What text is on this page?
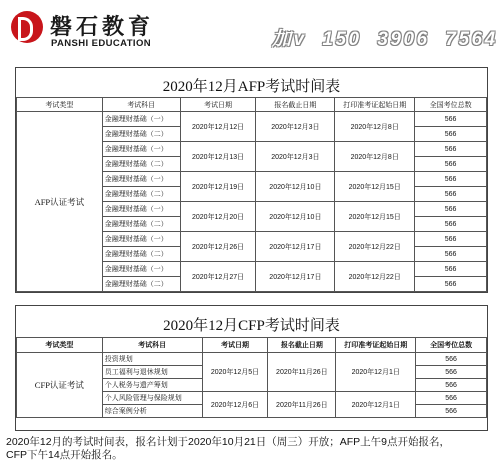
磐石教育
PANSHI EDUCATION	加v 150 3906 7564
2020年12月AFP考试时间表
考试类型	考试科目	考试日期	报名截止日期	打印准考证起始日期	全国考位总数
AFP认证考试	金融理财基础（一）	2020年12月12日	2020年12月3日	2020年12月8日	566
	金融理财基础（二）				566
	金融理财基础（一）	2020年12月13日	2020年12月3日	2020年12月8日	566
	金融理财基础（二）				566
	金融理财基础（一）	2020年12月19日	2020年12月10日	2020年12月15日	566
	金融理财基础（二）				566
	金融理财基础（一）	2020年12月20日	2020年12月10日	2020年12月15日	566
	金融理财基础（二）				566
	金融理财基础（一）	2020年12月26日	2020年12月17日	2020年12月22日	566
	金融理财基础（二）				566
	金融理财基础（一）	2020年12月27日	2020年12月17日	2020年12月22日	566
	金融理财基础（二）				566
2020年12月CFP考试时间表
考试类型	考试科目	考试日期	报名截止日期	打印准考证起始日期	全国考位总数
CFP认证考试	投资规划	2020年12月5日	2020年11月26日	2020年12月1日	566
	员工福利与退休规划				566
	个人税务与遗产筹划				566
	个人风险管理与保险规划	2020年12月6日	2020年11月26日	2020年12月1日	566
	综合案例分析				566
2020年12月的考试时间表，报名计划于2020年10月21日（周三）开放；AFP上午9点开始报名，
CFP下午14点开始报名。
